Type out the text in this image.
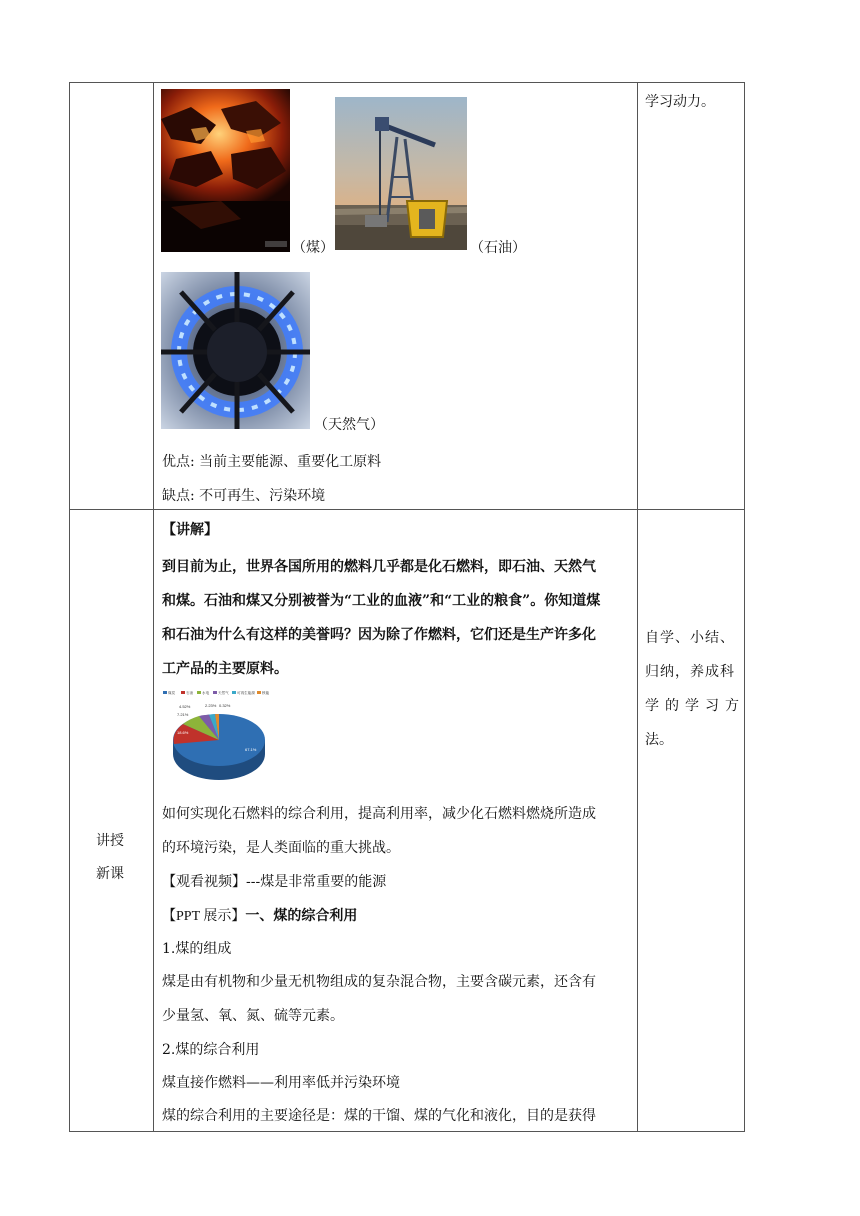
（煤）	（石油）
（天然气）
优点: 当前主要能源、重要化工原料
缺点: 不可再生、污染环境
学习动力。
讲授
新课
【讲解】
到目前为止，世界各国所用的燃料几乎都是化石燃料，即石油、天然气
和煤。石油和煤又分别被誉为“工业的血液”和“工业的粮食”。你知道煤
和石油为什么有这样的美誉吗？因为除了作燃料，它们还是生产许多化
工产品的主要原料。
煤炭	石油 水电 天然气 可再生能源 核能
4.52%	2.23% 0.32%
7.21%
18.6%
67.1%
如何实现化石燃料的综合利用，提高利用率，减少化石燃料燃烧所造成
的环境污染，是人类面临的重大挑战。
【观看视频】---煤是非常重要的能源
【PPT 展示】一、煤的综合利用
1.煤的组成
煤是由有机物和少量无机物组成的复杂混合物，主要含碳元素，还含有
少量氢、氧、氮、硫等元素。
2.煤的综合利用
煤直接作燃料——利用率低并污染环境
煤的综合利用的主要途径是：煤的干馏、煤的气化和液化，目的是获得
自学、小结、
归纳，养成科
学的学习方
法。
